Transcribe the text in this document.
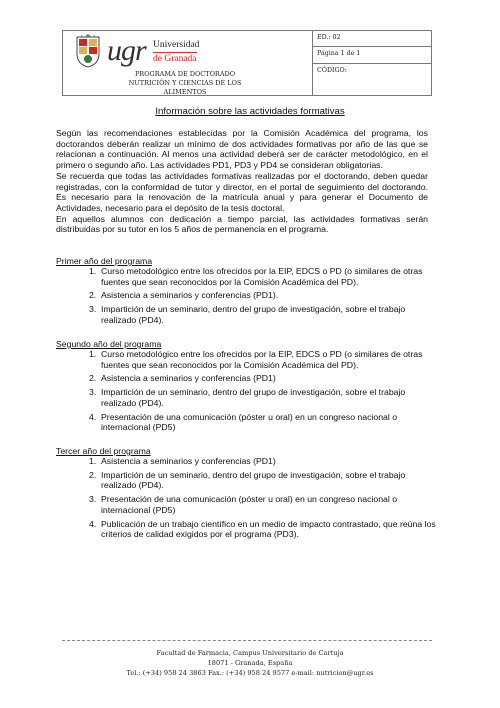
ugr Universidad
de Granada
PROGRAMA DE DOCTORADO
NUTRICIÓN Y CIENCIAS DE LOS
ALIMENTOS
ED.: 02
Página 1 de 1
CÓDIGO:
Información sobre las actividades formativas

Según las recomendaciones establecidas por la Comisión Académica del programa, los doctorandos deberán realizar un mínimo de dos actividades formativas por año de las que se relacionan a continuación. Al menos una actividad deberá ser de carácter metodológico, en el primero o segundo año. Las actividades PD1, PD3 y PD4 se consideran obligatorias.

Se recuerda que todas las actividades formativas realizadas por el doctorando, deben quedar registradas, con la conformidad de tutor y director, en el portal de seguimiento del doctorando. Es necesario para la renovación de la matrícula anual y para generar el Documento de Actividades, necesario para el depósito de la tesis doctoral.

En aquellos alumnos con dedicación a tiempo parcial, las actividades formativas serán distribuidas por su tutor en los 5 años de permanencia en el programa.

Primer año del programa
1. Curso metodológico entre los ofrecidos por la EIP, EDCS o PD (o similares de otras fuentes que sean reconocidos por la Comisión Académica del PD).
2. Asistencia a seminarios y conferencias (PD1).
3. Impartición de un seminario, dentro del grupo de investigación, sobre el trabajo realizado (PD4).
Segundo año del programa
1. Curso metodológico entre los ofrecidos por la EIP, EDCS o PD (o similares de otras fuentes que sean reconocidos por la Comisión Académica del PD).
2. Asistencia a seminarios y conferencias (PD1)
3. Impartición de un seminario, dentro del grupo de investigación, sobre el trabajo realizado (PD4).
4. Presentación de una comunicación (póster u oral) en un congreso nacional o internacional (PD5)
Tercer año del programa
1. Asistencia a seminarios y conferencias (PD1)
2. Impartición de un seminario, dentro del grupo de investigación, sobre el trabajo realizado (PD4).
3. Presentación de una comunicación (póster u oral) en un congreso nacional o internacional (PD5)
4. Publicación de un trabajo científico en un medio de impacto contrastado, que reúna los criterios de calidad exigidos por el programa (PD3).
Facultad de Farmacia, Campus Universitario de Cartuja
18071 - Granada, España
Tel.: (+34) 958 24 3863 Fax.: (+34) 958 24 9577 e-mail: nutricion@ugr.es
